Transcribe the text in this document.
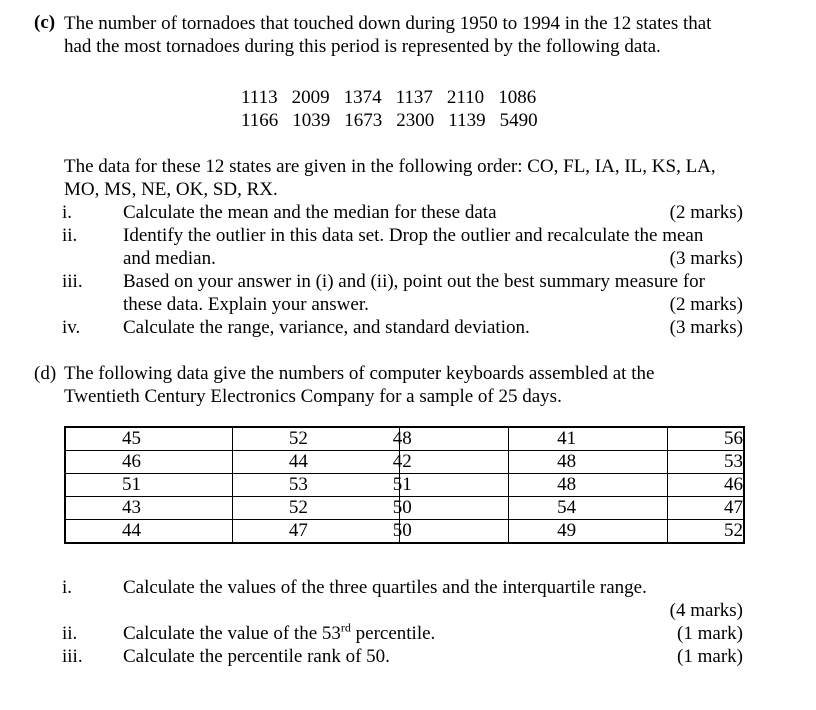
(c) The number of tornadoes that touched down during 1950 to 1994 in the 12 states that
had the most tornadoes during this period is represented by the following data.
1113 2009 1374 1137 2110 1086
1166 1039 1673 2300 1139 5490
The data for these 12 states are given in the following order: CO, FL, IA, IL, KS, LA,
MO, MS, NE, OK, SD, RX.
i.	Calculate the mean and the median for these data	(2 marks)
ii. Identify the outlier in this data set. Drop the outlier and recalculate the mean
and median.	(3 marks)
iii. Based on your answer in (i) and (ii), point out the best summary measure for
these data. Explain your answer.	(2 marks)
iv. Calculate the range, variance, and standard deviation.	(3 marks)
(d) The following data give the numbers of computer keyboards assembled at the
Twentieth Century Electronics Company for a sample of 25 days.
45	52	48	41	56
46	44	42	48	53
51	53	51	48	46
43	52	50	54	47
44	47	50	49	52
i.	Calculate the values of the three quartiles and the interquartile range.
(4 marks)
ii. Calculate the value of the 53rd percentile.	(1 mark)
iii. Calculate the percentile rank of 50.	(1 mark)
